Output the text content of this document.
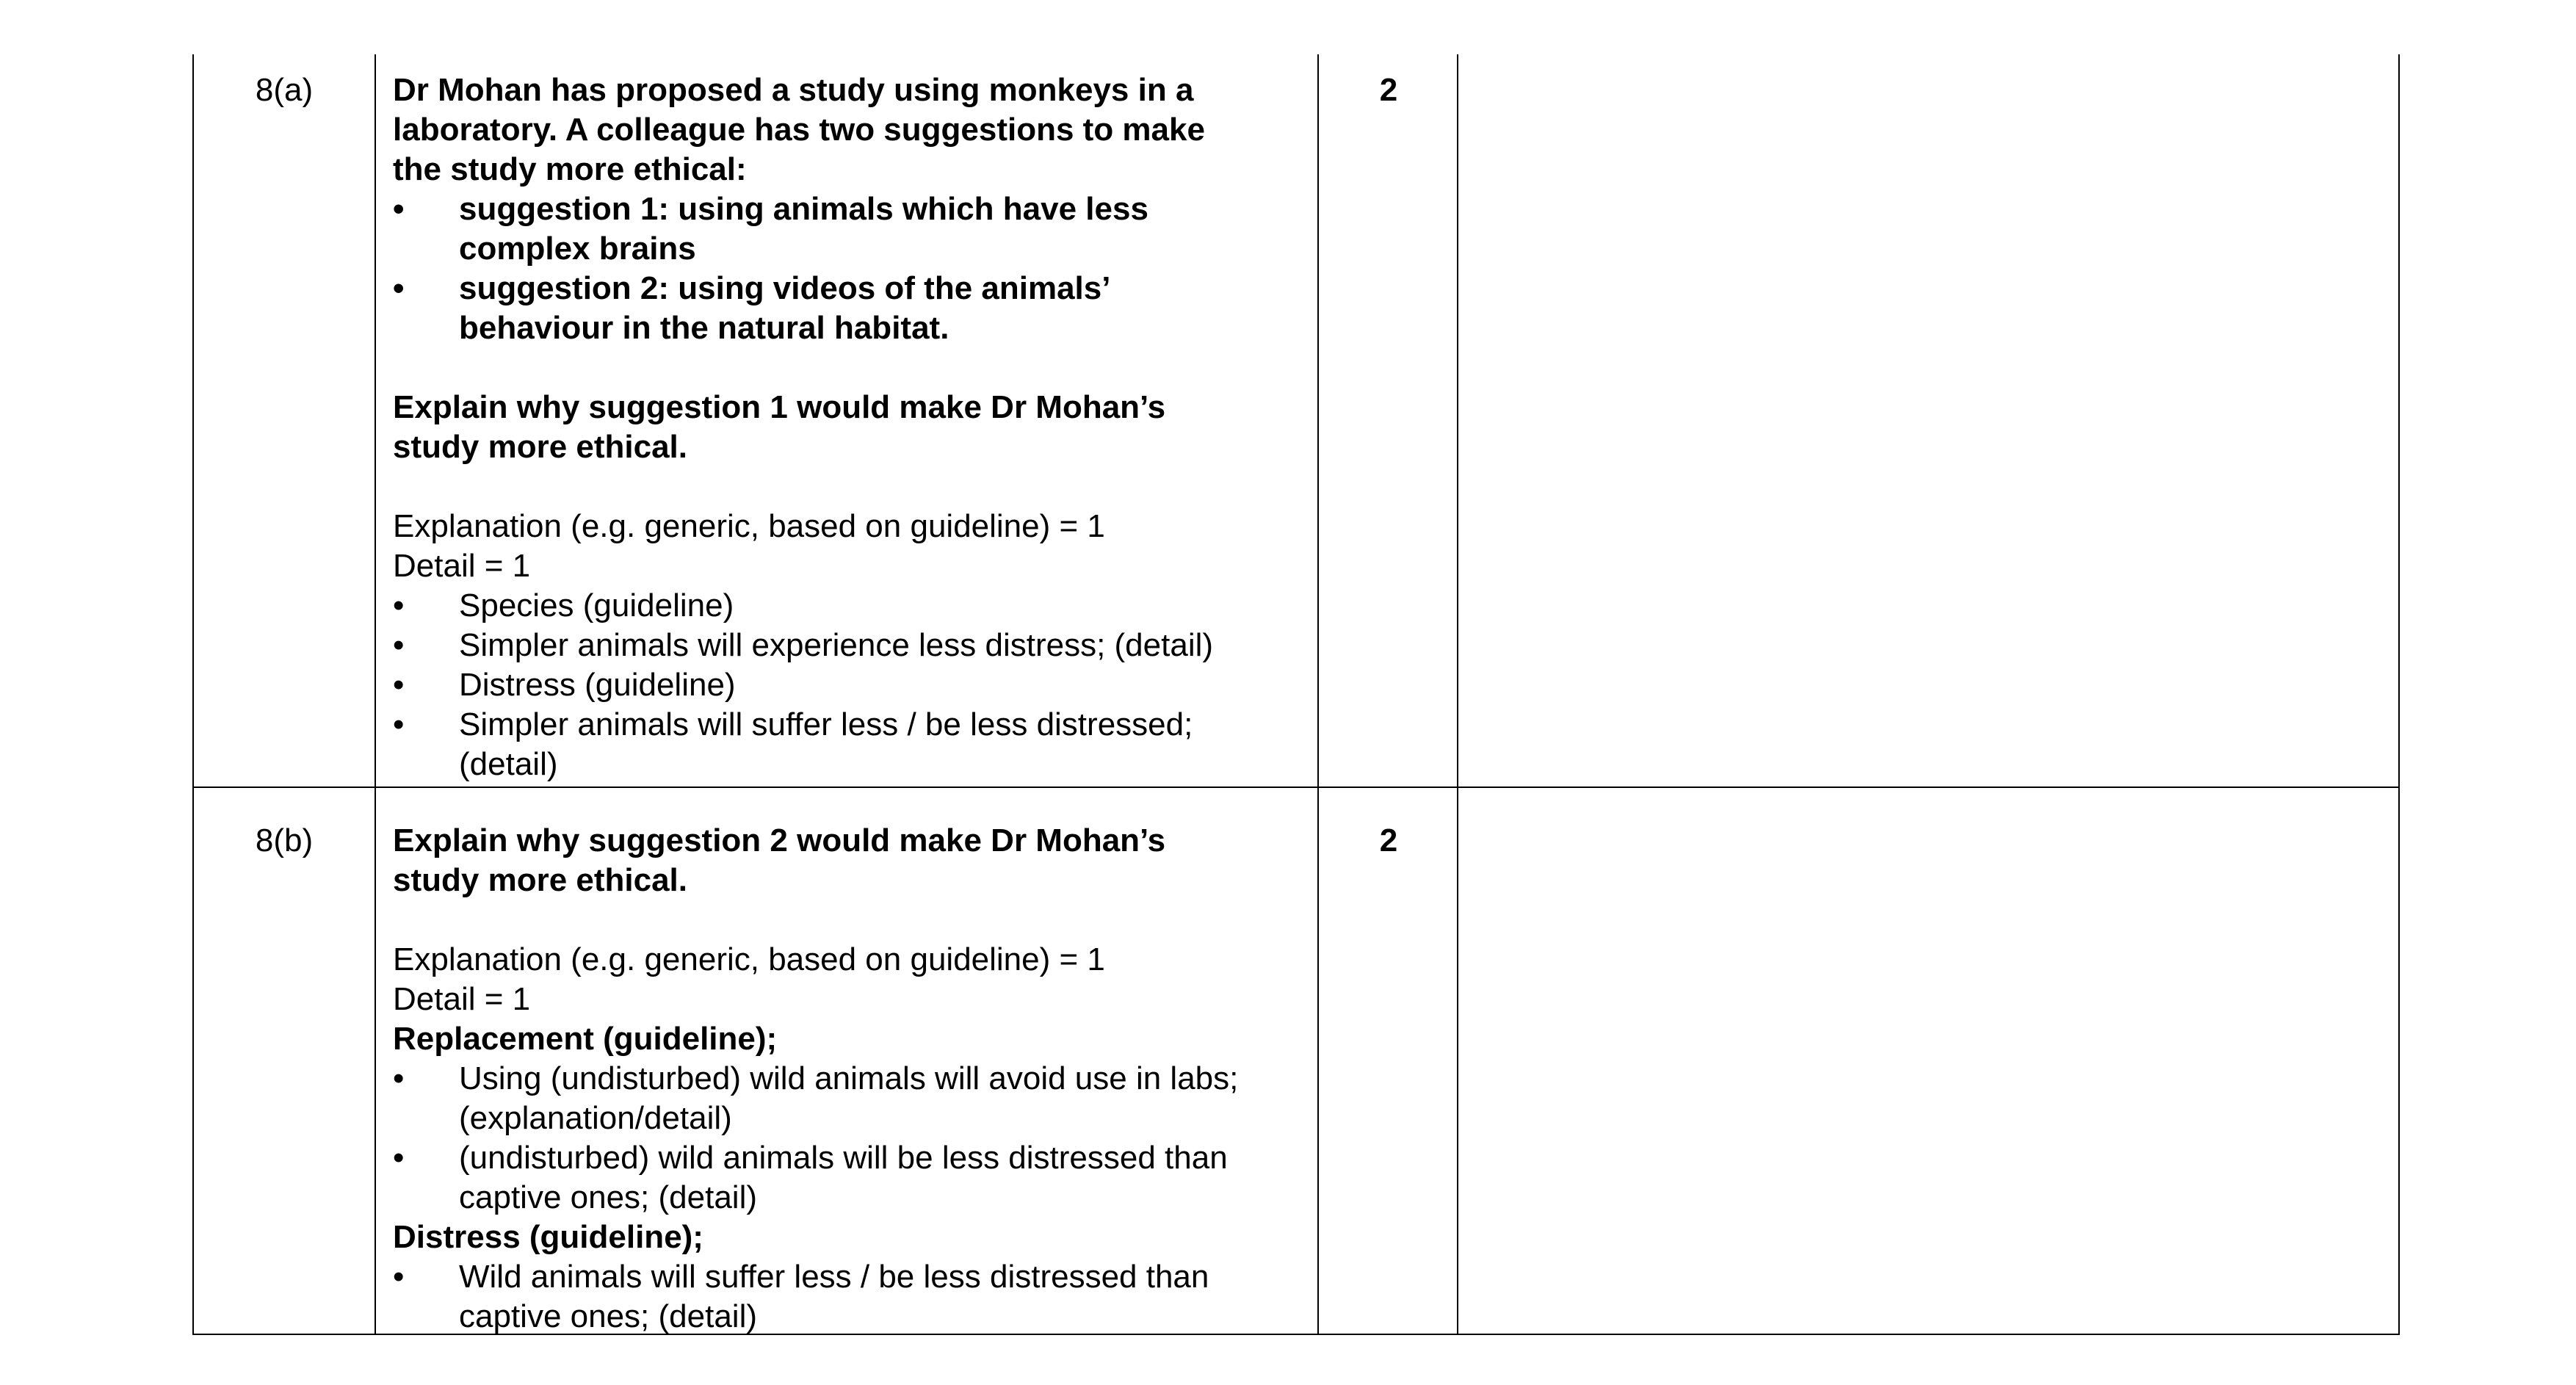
8(a)	2
Dr Mohan has proposed a study using monkeys in a
laboratory. A colleague has two suggestions to make
the study more ethical:
• suggestion 1: using animals which have less
complex brains
• suggestion 2: using videos of the animals’
behaviour in the natural habitat.
Explain why suggestion 1 would make Dr Mohan’s
study more ethical.
Explanation (e.g. generic, based on guideline) = 1
Detail = 1
• Species (guideline)
• Simpler animals will experience less distress; (detail)
• Distress (guideline)
• Simpler animals will suffer less / be less distressed;
(detail)
8(b)	2
Explain why suggestion 2 would make Dr Mohan’s
study more ethical.
Explanation (e.g. generic, based on guideline) = 1
Detail = 1
Replacement (guideline);
• Using (undisturbed) wild animals will avoid use in labs;
(explanation/detail)
• (undisturbed) wild animals will be less distressed than
captive ones; (detail)
Distress (guideline);
• Wild animals will suffer less / be less distressed than
captive ones; (detail)
